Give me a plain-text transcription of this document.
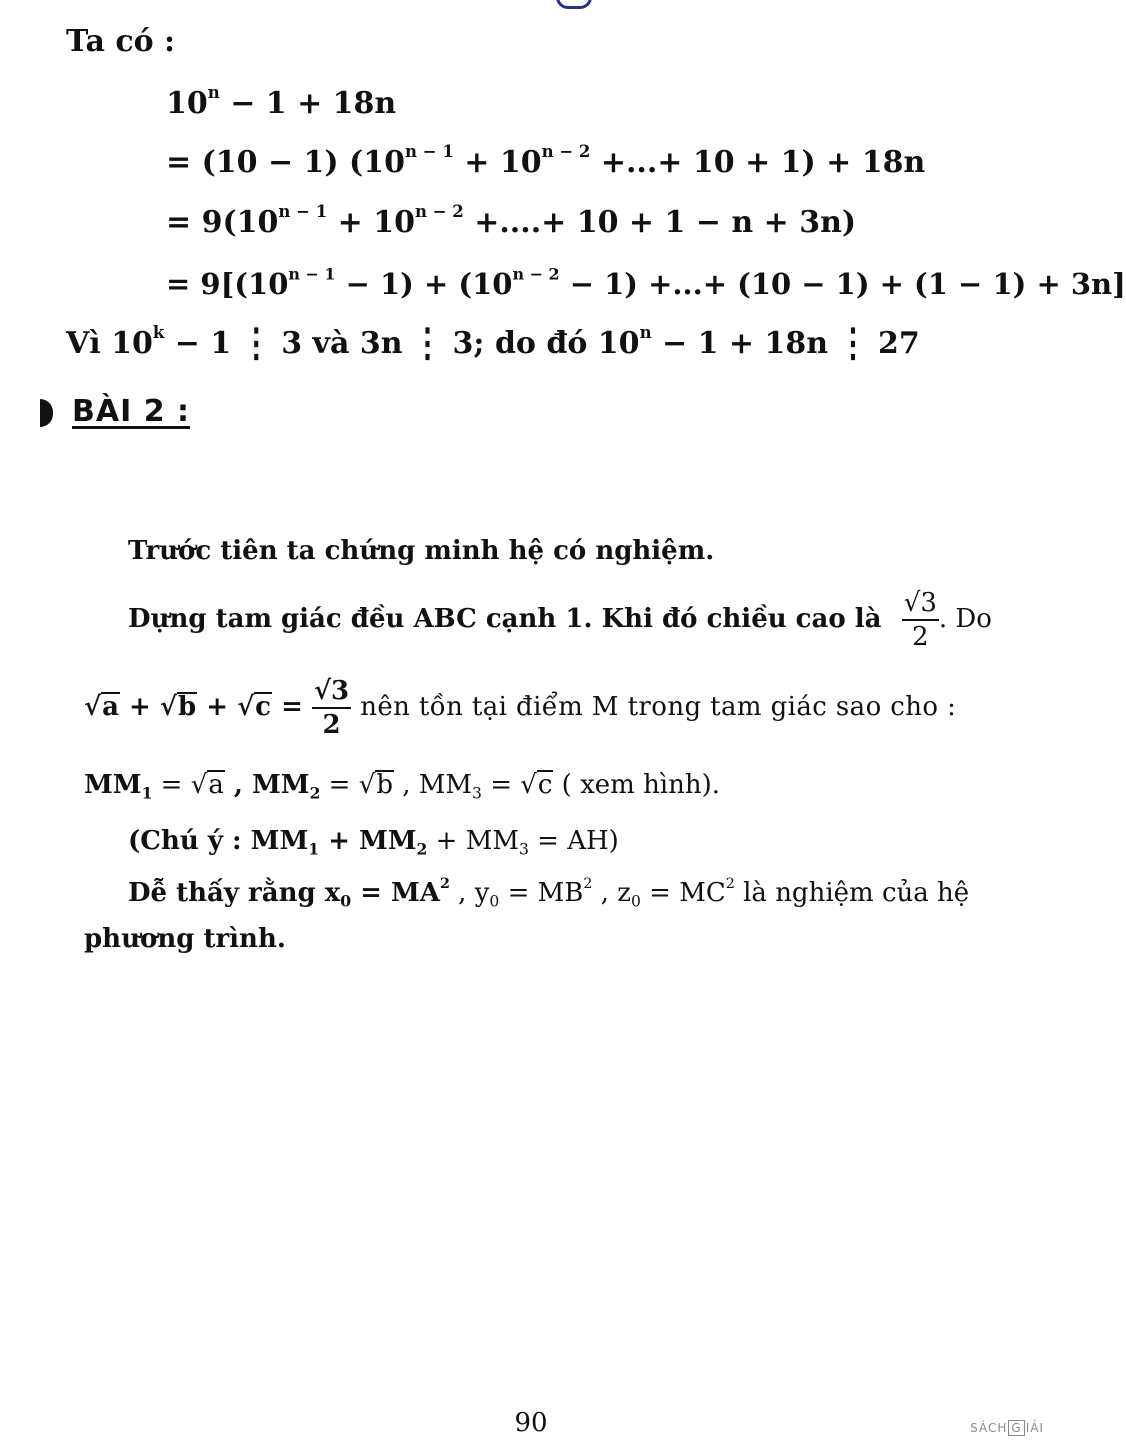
Ta có :
$10^n - 1 + 18n$
= (10 − 1) ($10^{n - 1} + 10^{n - 2}$ +...+ 10 + 1) + 18n
= $9(10^{n - 1} + 10^{n - 2}$ +....+ 10 + 1 − n + 3n)
= $9[(10^{n - 1} - 1) + (10^{n - 2} - 1)$ +...+ (10 − 1) + (1 − 1) + 3n]
Vì $10^k - 1$ ⋮ 3 và 3n ⋮ 3; do đó $10^n - 1 + 18n$ ⋮ 27
BÀI 2 :
Trước tiên ta chứng minh hệ có nghiệm.
Dựng tam giác đều ABC cạnh 1. Khi đó chiều cao là $\frac{√3}{2}$ . Do
$√a + √b + √c = \frac{√3}{2}$ nên tồn tại điểm M trong tam giác sao cho :
$MM_1 = √a$ , $MM_2 = √b$ , $MM_3 = √c$ ( xem hình).
(Chú ý : $MM_1 + MM_2 + MM_3 = AH$)
Dễ thấy rằng $x_0 = MA^2$ , $y_0 = MB^2$ , $z_0 = MC^2$ là nghiệm của hệ
phương trình.
90	SÁCH G IẢI
